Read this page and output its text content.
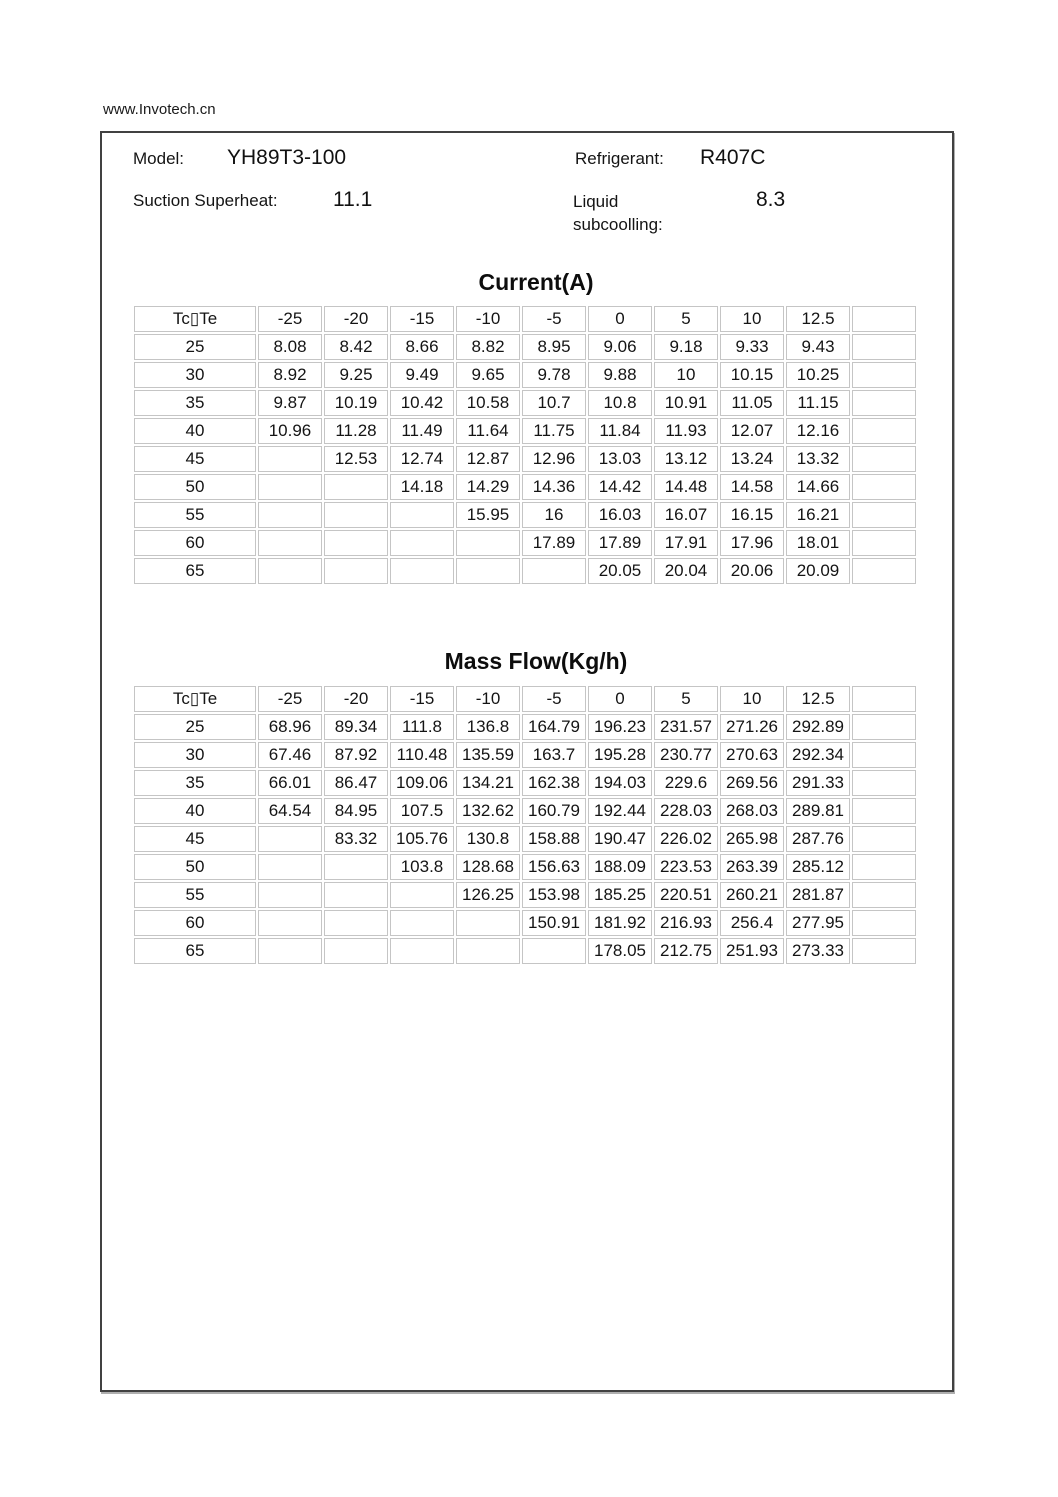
www.Invotech.cn
Model: YH89T3-100	Refrigerant: R407C
Suction Superheat:	11.1	Liquid subcoolling:
8.3
Current(A)
Tc▯Te	-25	-20	-15	-10	-5	0	5	10	12.5	
25	8.08	8.42	8.66	8.82	8.95	9.06	9.18	9.33	9.43	
30	8.92	9.25	9.49	9.65	9.78	9.88	10	10.15	10.25	
35	9.87	10.19	10.42	10.58	10.7	10.8	10.91	11.05	11.15	
40	10.96	11.28	11.49	11.64	11.75	11.84	11.93	12.07	12.16	
45		12.53	12.74	12.87	12.96	13.03	13.12	13.24	13.32	
50			14.18	14.29	14.36	14.42	14.48	14.58	14.66	
55				15.95	16	16.03	16.07	16.15	16.21	
60					17.89	17.89	17.91	17.96	18.01	
65						20.05	20.04	20.06	20.09	
Mass Flow(Kg/h)
Tc▯Te	-25	-20	-15	-10	-5	0	5	10	12.5	
25	68.96	89.34	111.8	136.8	164.79	196.23	231.57	271.26	292.89	
30	67.46	87.92	110.48	135.59	163.7	195.28	230.77	270.63	292.34	
35	66.01	86.47	109.06	134.21	162.38	194.03	229.6	269.56	291.33	
40	64.54	84.95	107.5	132.62	160.79	192.44	228.03	268.03	289.81	
45		83.32	105.76	130.8	158.88	190.47	226.02	265.98	287.76	
50			103.8	128.68	156.63	188.09	223.53	263.39	285.12	
55				126.25	153.98	185.25	220.51	260.21	281.87	
60					150.91	181.92	216.93	256.4	277.95	
65						178.05	212.75	251.93	273.33	
